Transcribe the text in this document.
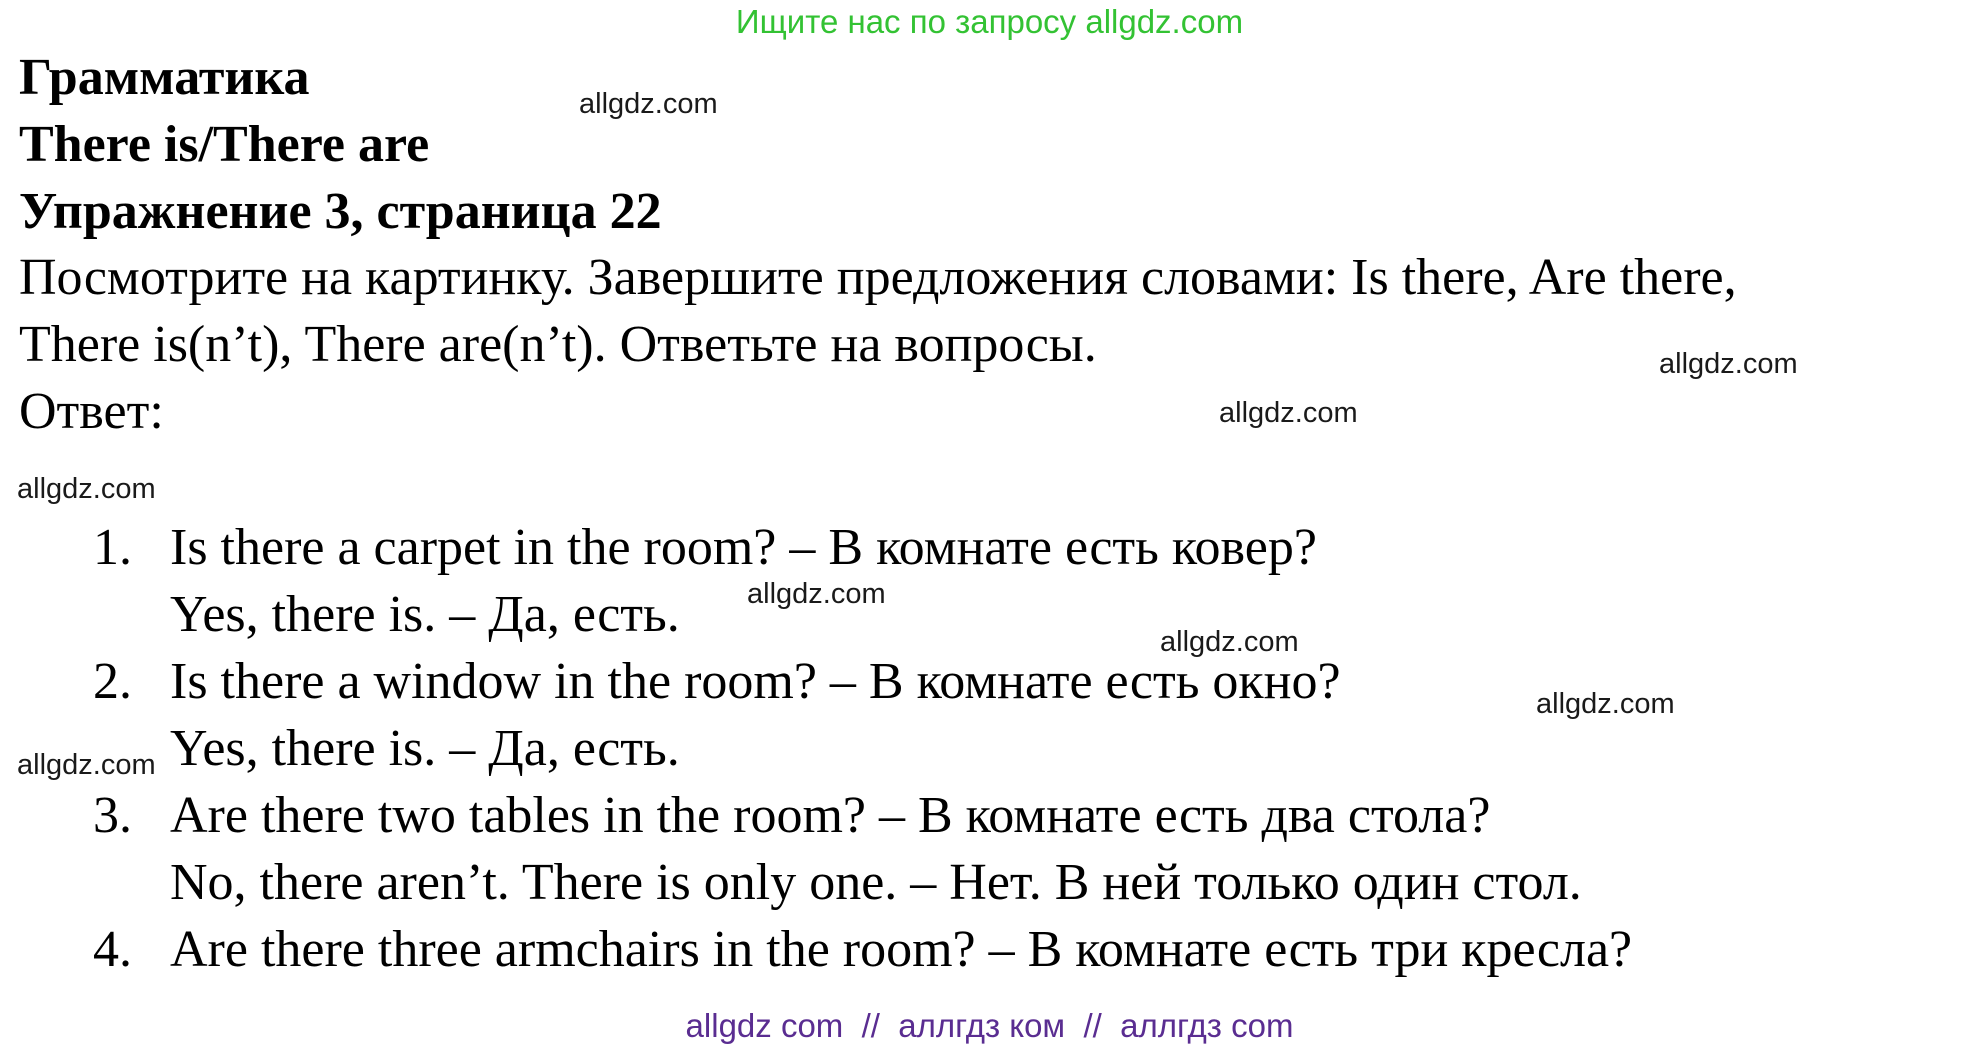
Ищите нас по запросу allgdz.com
Грамматика
There is/There are
Упражнение 3, страница 22
Посмотрите на картинку. Завершите предложения словами: Is there, Are there,
There is(n’t), There are(n’t). Ответьте на вопросы.
Ответ:
1. Is there a carpet in the room? – В комнате есть ковер?
Yes, there is. – Да, есть.
2. Is there a window in the room? – В комнате есть окно?
Yes, there is. – Да, есть.
3. Are there two tables in the room? – В комнате есть два стола?
No, there aren’t. There is only one. – Нет. В ней только один стол.
4. Are there three armchairs in the room? – В комнате есть три кресла?
allgdz.com
allgdz.com
allgdz.com
allgdz.com
allgdz.com
allgdz.com
allgdz.com
allgdz.com
allgdz com  //  аллгдз ком  //  аллгдз com
